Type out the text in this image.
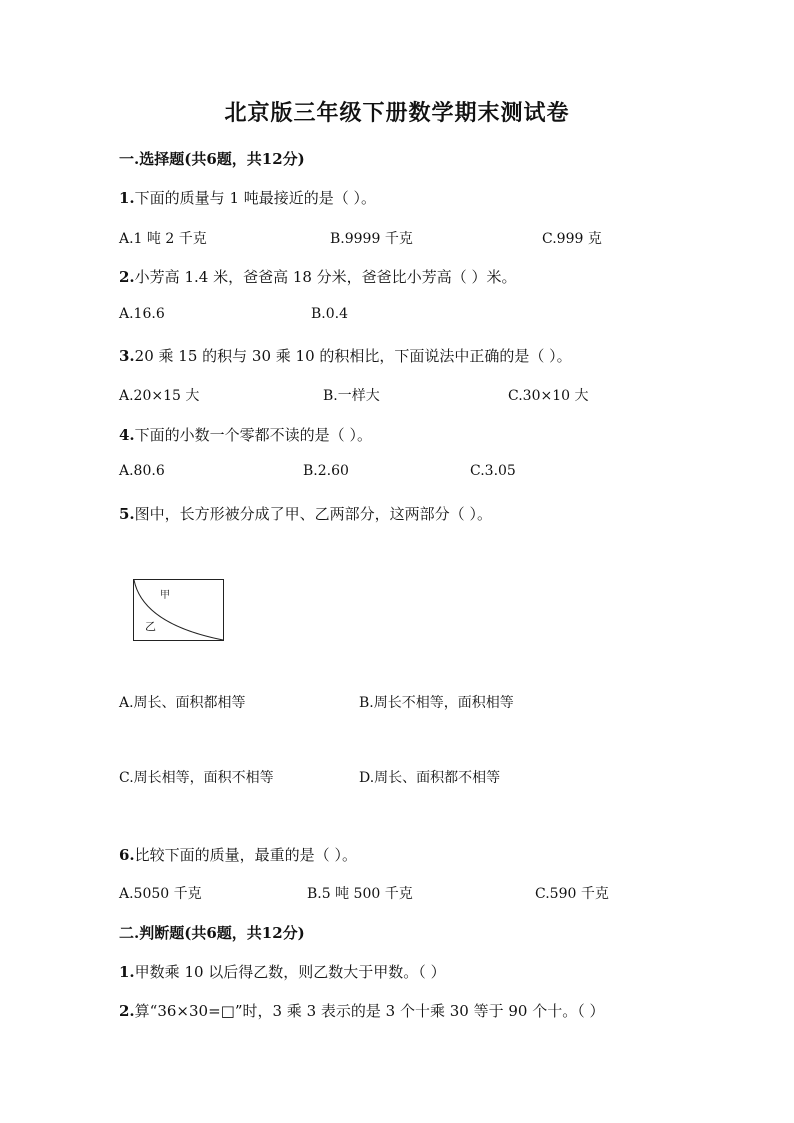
北京版三年级下册数学期末测试卷
一.选择题(共6题，共12分)
1.下面的质量与 1 吨最接近的是（ ）。
A.1 吨 2 千克	B.9999 千克	C.999 克
2.小芳高 1.4 米，爸爸高 18 分米，爸爸比小芳高（ ）米。
A.16.6	B.0.4
3.20 乘 15 的积与 30 乘 10 的积相比，下面说法中正确的是（ ）。
A.20×15 大	B.一样大	C.30×10 大
4.下面的小数一个零都不读的是（ ）。
A.80.6	B.2.60	C.3.05
5.图中，长方形被分成了甲、乙两部分，这两部分（ ）。
甲
乙
A.周长、面积都相等	B.周长不相等，面积相等
C.周长相等，面积不相等	D.周长、面积都不相等
6.比较下面的质量，最重的是（ ）。
A.5050 千克	B.5 吨 500 千克	C.590 千克
二.判断题(共6题，共12分)
1.甲数乘 10 以后得乙数，则乙数大于甲数。（ ）
2.算“36×30=□”时，3 乘 3 表示的是 3 个十乘 30 等于 90 个十。（ ）
